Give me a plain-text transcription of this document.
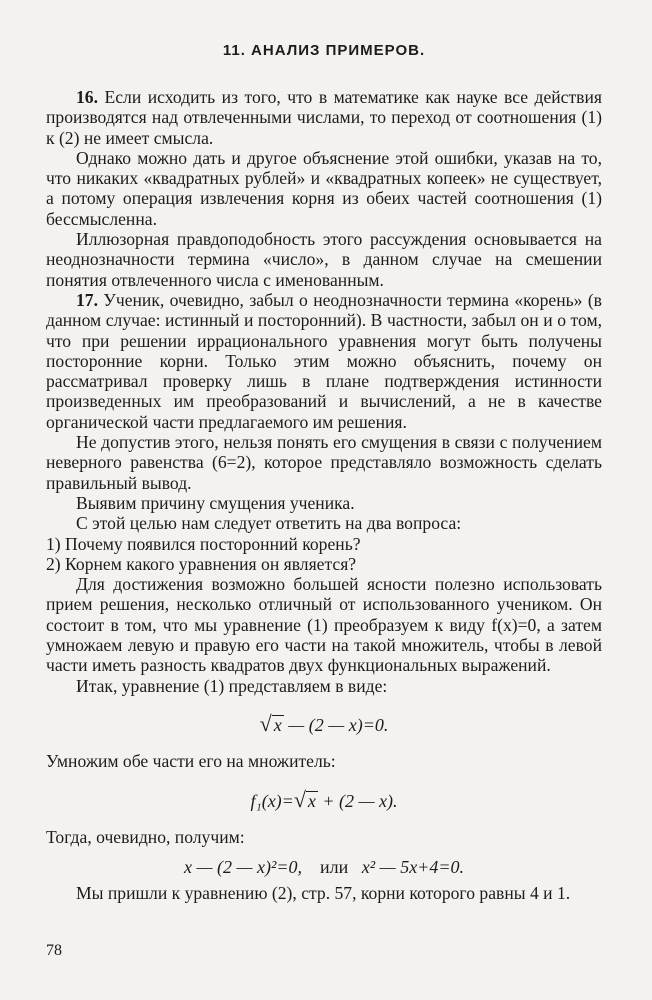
11. АНАЛИЗ ПРИМЕРОВ.

16. Если исходить из того, что в математике как науке все действия производятся над отвлеченными числами, то переход от соотношения (1) к (2) не имеет смысла.

Однако можно дать и другое объяснение этой ошибки, указав на то, что никаких «квадратных рублей» и «квадратных копеек» не существует, а потому операция извлечения корня из обеих частей соотношения (1) бессмысленна.

Иллюзорная правдоподобность этого рассуждения основывается на неоднозначности термина «число», в данном случае на смешении понятия отвлеченного числа с именованным.

17. Ученик, очевидно, забыл о неоднозначности термина «корень» (в данном случае: истинный и посторонний). В частности, забыл он и о том, что при решении иррационального уравнения могут быть получены посторонние корни. Только этим можно объяснить, почему он рассматривал проверку лишь в плане подтверждения истинности произведенных им преобразований и вычислений, а не в качестве органической части предлагаемого им решения.

Не допустив этого, нельзя понять его смущения в связи с получением неверного равенства (6=2), которое представляло возможность сделать правильный вывод.

Выявим причину смущения ученика.

С этой целью нам следует ответить на два вопроса:

1) Почему появился посторонний корень?

2) Корнем какого уравнения он является?

Для достижения возможно большей ясности полезно использовать прием решения, несколько отличный от использованного учеником. Он состоит в том, что мы уравнение (1) преобразуем к виду f(x)=0, а затем умножаем левую и правую его части на такой множитель, чтобы в левой части иметь разность квадратов двух функциональных выражений.

Итак, уравнение (1) представляем в виде:

√ x — (2 — x)=0.

Умножим обе части его на множитель:

f₁(x)=√ x + (2 — x).

Тогда, очевидно, получим:

x — (2 — x)²=0, или x² — 5x+4=0.

Мы пришли к уравнению (2), стр. 57, корни которого равны 4 и 1.

78
